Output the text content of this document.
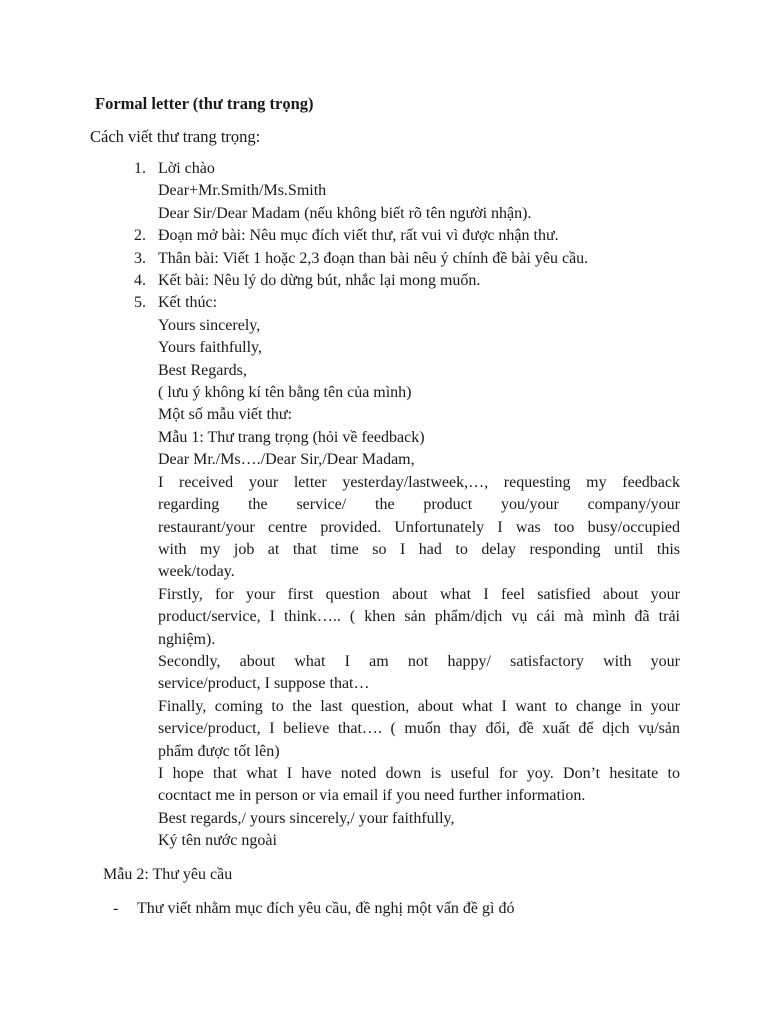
Formal letter (thư trang trọng)

Cách viết thư trang trọng:

1. Lời chào
Dear+Mr.Smith/Ms.Smith
Dear Sir/Dear Madam (nếu không biết rõ tên người nhận).
2. Đoạn mở bài: Nêu mục đích viết thư, rất vui vì được nhận thư.
3. Thân bài: Viết 1 hoặc 2,3 đoạn than bài nêu ý chính đề bài yêu cầu.
4. Kết bài: Nêu lý do dừng bút, nhắc lại mong muốn.
5. Kết thúc:
Yours sincerely,
Yours faithfully,
Best Regards,
( lưu ý không kí tên bằng tên của mình)
Một số mẫu viết thư:
Mẫu 1: Thư trang trọng (hỏi về feedback)
Dear Mr./Ms…./Dear Sir,/Dear Madam,
I received your letter yesterday/lastweek,…, requesting my feedback
regarding the service/ the product you/your company/your
restaurant/your centre provided. Unfortunately I was too busy/occupied
with my job at that time so I had to delay responding until this
week/today.
Firstly, for your first question about what I feel satisfied about your
product/service, I think….. ( khen sản phẩm/dịch vụ cái mà mình đã trải
nghiệm).
Secondly, about what I am not happy/ satisfactory with your
service/product, I suppose that…
Finally, coming to the last question, about what I want to change in your
service/product, I believe that…. ( muốn thay đổi, đề xuất để dịch vụ/sản
phẩm được tốt lên)
I hope that what I have noted down is useful for yoy. Don’t hesitate to
cocntact me in person or via email if you need further information.
Best regards,/ yours sincerely,/ your faithfully,
Ký tên nước ngoài

Mẫu 2: Thư yêu cầu

- Thư viết nhằm mục đích yêu cầu, đề nghị một vấn đề gì đó
